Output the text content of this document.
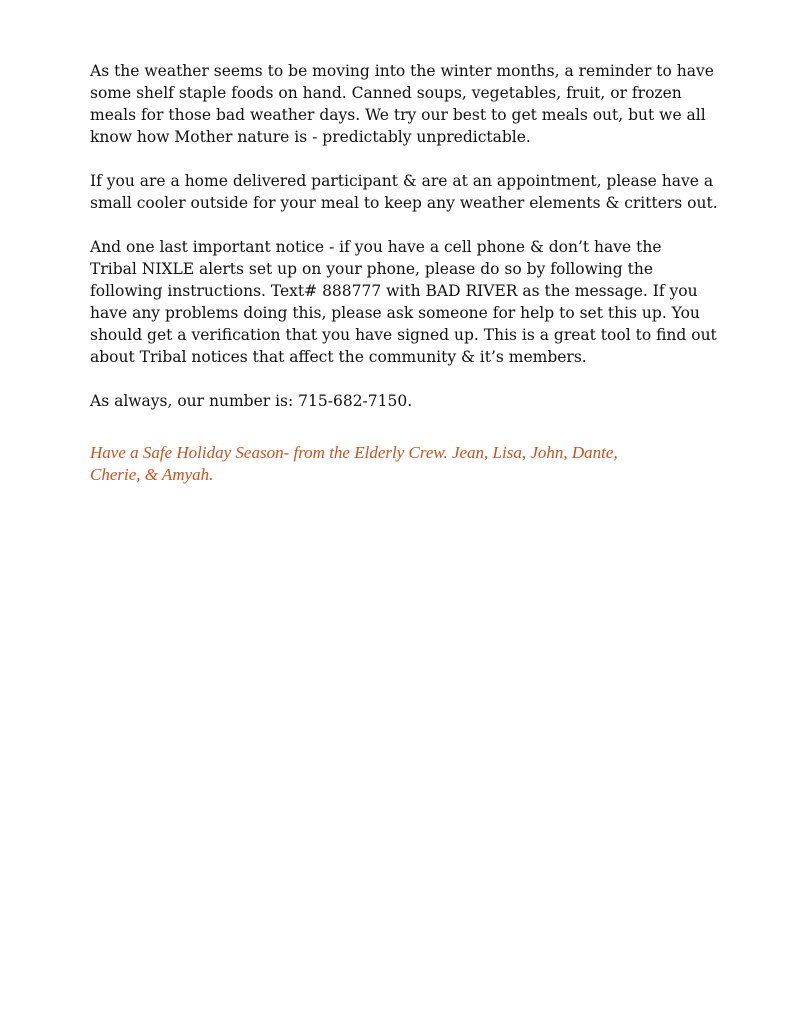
As the weather seems to be moving into the winter months, a reminder to have
some shelf staple foods on hand. Canned soups, vegetables, fruit, or frozen
meals for those bad weather days. We try our best to get meals out, but we all
know how Mother nature is - predictably unpredictable.

If you are a home delivered participant & are at an appointment, please have a
small cooler outside for your meal to keep any weather elements & critters out.

And one last important notice - if you have a cell phone & don’t have the
Tribal NIXLE alerts set up on your phone, please do so by following the
following instructions. Text# 888777 with BAD RIVER as the message. If you
have any problems doing this, please ask someone for help to set this up. You
should get a verification that you have signed up. This is a great tool to find out
about Tribal notices that affect the community & it’s members.

As always, our number is: 715-682-7150.

Have a Safe Holiday Season- from the Elderly Crew. Jean, Lisa, John, Dante,
Cherie, & Amyah.
